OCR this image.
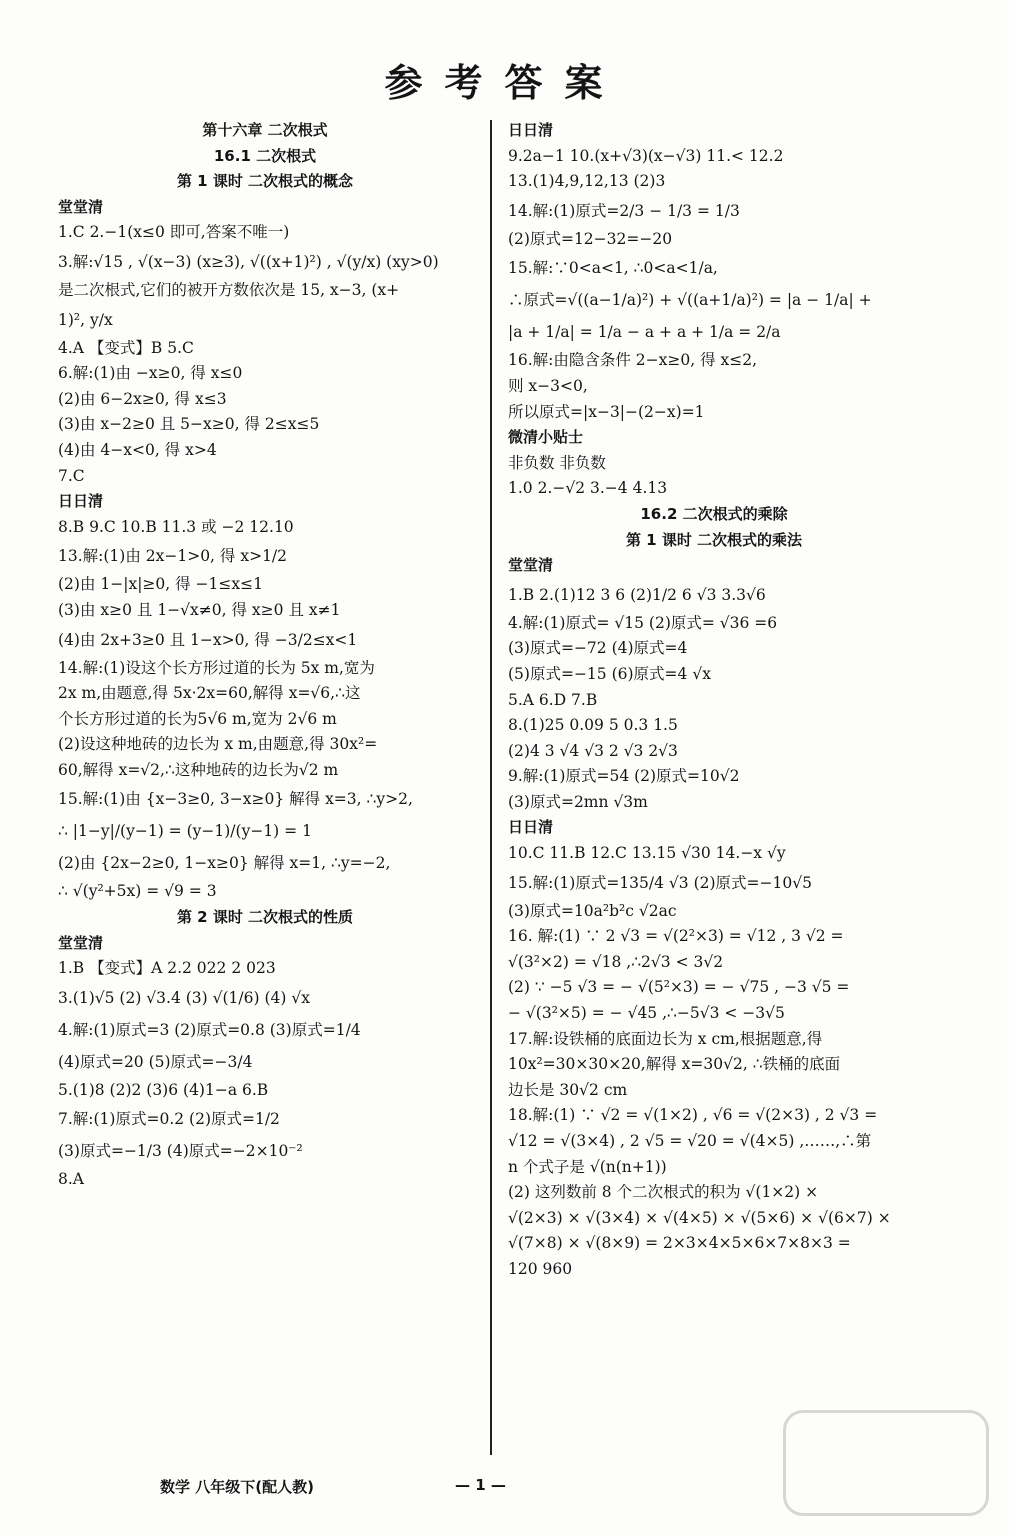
参考答案
第十六章 二次根式
16.1 二次根式
第 1 课时 二次根式的概念
堂堂清
1.C 2.−1(x≤0 即可,答案不唯一)
3.解:√15 , √(x−3) (x≥3), √((x+1)²) , √(y/x) (xy>0)
是二次根式,它们的被开方数依次是 15, x−3, (x+
1)², y/x
4.A 【变式】B 5.C
6.解:(1)由 −x≥0, 得 x≤0
(2)由 6−2x≥0, 得 x≤3
(3)由 x−2≥0 且 5−x≥0, 得 2≤x≤5
(4)由 4−x<0, 得 x>4
7.C
日日清
8.B 9.C 10.B 11.3 或 −2 12.10
13.解:(1)由 2x−1>0, 得 x>1/2
(2)由 1−|x|≥0, 得 −1≤x≤1
(3)由 x≥0 且 1−√x≠0, 得 x≥0 且 x≠1
(4)由 2x+3≥0 且 1−x>0, 得 −3/2≤x<1
14.解:(1)设这个长方形过道的长为 5x m,宽为
2x m,由题意,得 5x·2x=60,解得 x=√6,∴这
个长方形过道的长为5√6 m,宽为 2√6 m
(2)设这种地砖的边长为 x m,由题意,得 30x²=
60,解得 x=√2,∴这种地砖的边长为√2 m
15.解:(1)由 {x−3≥0, 3−x≥0} 解得 x=3, ∴y>2,
∴ |1−y|/(y−1) = (y−1)/(y−1) = 1
(2)由 {2x−2≥0, 1−x≥0} 解得 x=1, ∴y=−2,
∴ √(y²+5x) = √9 = 3
第 2 课时 二次根式的性质
堂堂清
1.B 【变式】A 2.2 022 2 023
3.(1)√5 (2) √3.4 (3) √(1/6) (4) √x
4.解:(1)原式=3 (2)原式=0.8 (3)原式=1/4
(4)原式=20 (5)原式=−3/4
5.(1)8 (2)2 (3)6 (4)1−a 6.B
7.解:(1)原式=0.2 (2)原式=1/2
(3)原式=−1/3 (4)原式=−2×10⁻²
8.A
日日清
9.2a−1 10.(x+√3)(x−√3) 11.< 12.2
13.(1)4,9,12,13 (2)3
14.解:(1)原式=2/3 − 1/3 = 1/3
(2)原式=12−32=−20
15.解:∵0<a<1, ∴0<a<1/a,
∴原式=√((a−1/a)²) + √((a+1/a)²) = |a − 1/a| +
|a + 1/a| = 1/a − a + a + 1/a = 2/a
16.解:由隐含条件 2−x≥0, 得 x≤2,
则 x−3<0,
所以原式=|x−3|−(2−x)=1
微清小贴士
非负数 非负数
1.0 2.−√2 3.−4 4.13
16.2 二次根式的乘除
第 1 课时 二次根式的乘法
堂堂清
1.B 2.(1)12 3 6 (2)1/2 6 √3 3.3√6
4.解:(1)原式= √15 (2)原式= √36 =6
(3)原式=−72 (4)原式=4
(5)原式=−15 (6)原式=4 √x
5.A 6.D 7.B
8.(1)25 0.09 5 0.3 1.5
(2)4 3 √4 √3 2 √3 2√3
9.解:(1)原式=54 (2)原式=10√2
(3)原式=2mn √3m
日日清
10.C 11.B 12.C 13.15 √30 14.−x √y
15.解:(1)原式=135/4 √3 (2)原式=−10√5
(3)原式=10a²b²c √2ac
16. 解:(1) ∵ 2 √3 = √(2²×3) = √12 , 3 √2 =
√(3²×2) = √18 ,∴2√3 < 3√2
(2) ∵ −5 √3 = − √(5²×3) = − √75 , −3 √5 =
− √(3²×5) = − √45 ,∴−5√3 < −3√5
17.解:设铁桶的底面边长为 x cm,根据题意,得
10x²=30×30×20,解得 x=30√2, ∴铁桶的底面
边长是 30√2 cm
18.解:(1) ∵ √2 = √(1×2) , √6 = √(2×3) , 2 √3 =
√12 = √(3×4) , 2 √5 = √20 = √(4×5) ,……,∴第
n 个式子是 √(n(n+1))
(2) 这列数前 8 个二次根式的积为 √(1×2) ×
√(2×3) × √(3×4) × √(4×5) × √(5×6) × √(6×7) ×
√(7×8) × √(8×9) = 2×3×4×5×6×7×8×3 =
120 960
数学 八年级下(配人教)	— 1 —
